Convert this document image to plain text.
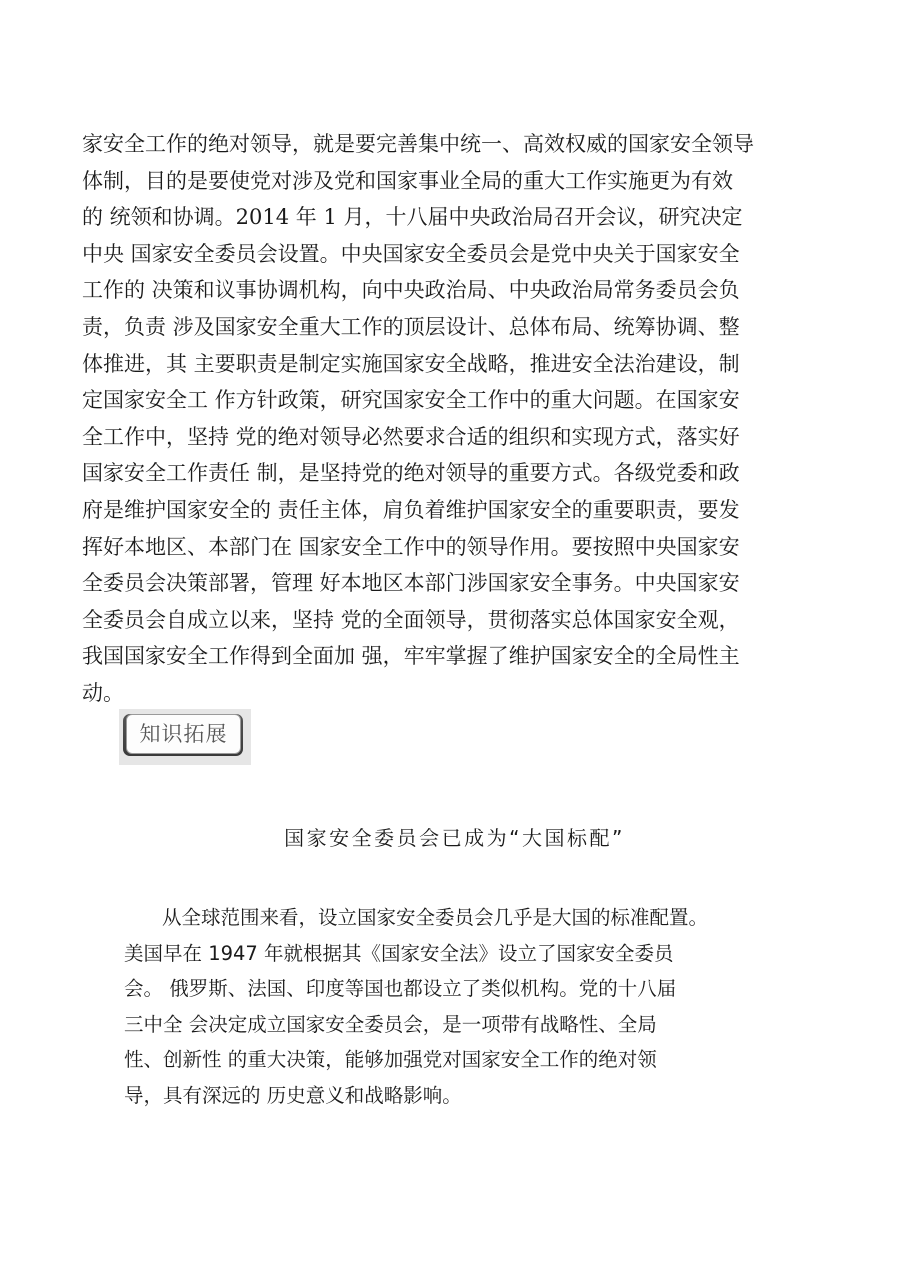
家安全工作的绝对领导，就是要完善集中统一、高效权威的国家安全领导
体制，目的是要使党对涉及党和国家事业全局的重大工作实施更为有效
的 统领和协调。2014 年 1 月，十八届中央政治局召开会议，研究决定
中央 国家安全委员会设置。中央国家安全委员会是党中央关于国家安全
工作的 决策和议事协调机构，向中央政治局、中央政治局常务委员会负
责，负责 涉及国家安全重大工作的顶层设计、总体布局、统筹协调、整
体推进，其 主要职责是制定实施国家安全战略，推进安全法治建设，制
定国家安全工 作方针政策，研究国家安全工作中的重大问题。在国家安
全工作中，坚持 党的绝对领导必然要求合适的组织和实现方式，落实好
国家安全工作责任 制，是坚持党的绝对领导的重要方式。各级党委和政
府是维护国家安全的 责任主体，肩负着维护国家安全的重要职责，要发
挥好本地区、本部门在 国家安全工作中的领导作用。要按照中央国家安
全委员会决策部署，管理 好本地区本部门涉国家安全事务。中央国家安
全委员会自成立以来，坚持 党的全面领导，贯彻落实总体国家安全观，
我国国家安全工作得到全面加 强，牢牢掌握了维护国家安全的全局性主
动。
知识拓展
国家安全委员会已成为“大国标配”
从全球范围来看，设立国家安全委员会几乎是大国的标准配置。
美国早在 1947 年就根据其《国家安全法》设立了国家安全委员
会。 俄罗斯、法国、印度等国也都设立了类似机构。党的十八届
三中全 会决定成立国家安全委员会，是一项带有战略性、全局
性、创新性 的重大决策，能够加强党对国家安全工作的绝对领
导，具有深远的 历史意义和战略影响。
